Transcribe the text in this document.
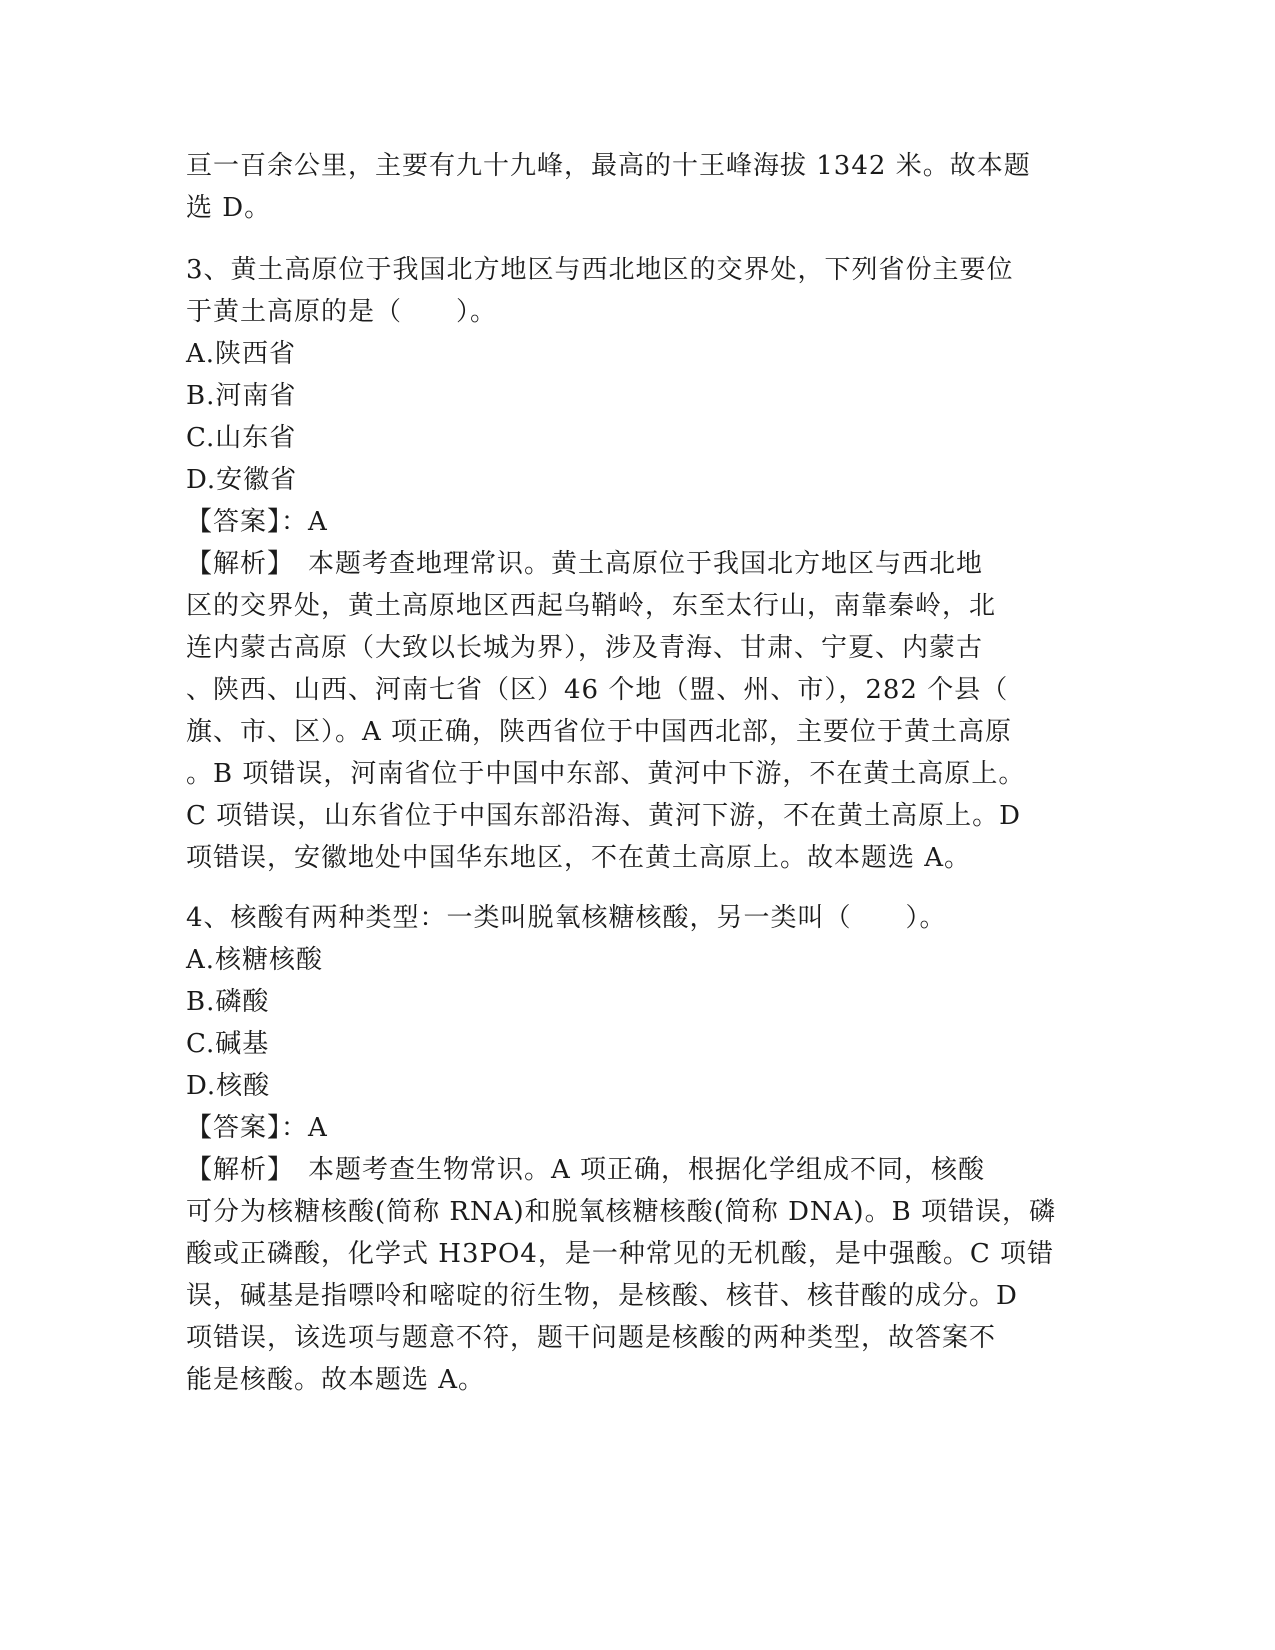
亘一百余公里，主要有九十九峰，最高的十王峰海拔 1342 米。故本题
选 D。
3、黄土高原位于我国北方地区与西北地区的交界处，下列省份主要位
于黄土高原的是（　　）。
A.陕西省
B.河南省
C.山东省
D.安徽省
【答案】：A
【解析】　本题考查地理常识。黄土高原位于我国北方地区与西北地
区的交界处，黄土高原地区西起乌鞘岭，东至太行山，南靠秦岭，北
连内蒙古高原（大致以长城为界），涉及青海、甘肃、宁夏、内蒙古
、陕西、山西、河南七省（区）46 个地（盟、州、市），282 个县（
旗、市、区）。A 项正确，陕西省位于中国西北部，主要位于黄土高原
。B 项错误，河南省位于中国中东部、黄河中下游，不在黄土高原上。
C 项错误，山东省位于中国东部沿海、黄河下游，不在黄土高原上。D
项错误，安徽地处中国华东地区，不在黄土高原上。故本题选 A。
4、核酸有两种类型：一类叫脱氧核糖核酸，另一类叫（　　）。
A.核糖核酸
B.磷酸
C.碱基
D.核酸
【答案】：A
【解析】　本题考查生物常识。A 项正确，根据化学组成不同，核酸
可分为核糖核酸(简称 RNA)和脱氧核糖核酸(简称 DNA)。B 项错误，磷
酸或正磷酸，化学式 H3PO4，是一种常见的无机酸，是中强酸。C 项错
误，碱基是指嘌呤和嘧啶的衍生物，是核酸、核苷、核苷酸的成分。D
项错误，该选项与题意不符，题干问题是核酸的两种类型，故答案不
能是核酸。故本题选 A。
